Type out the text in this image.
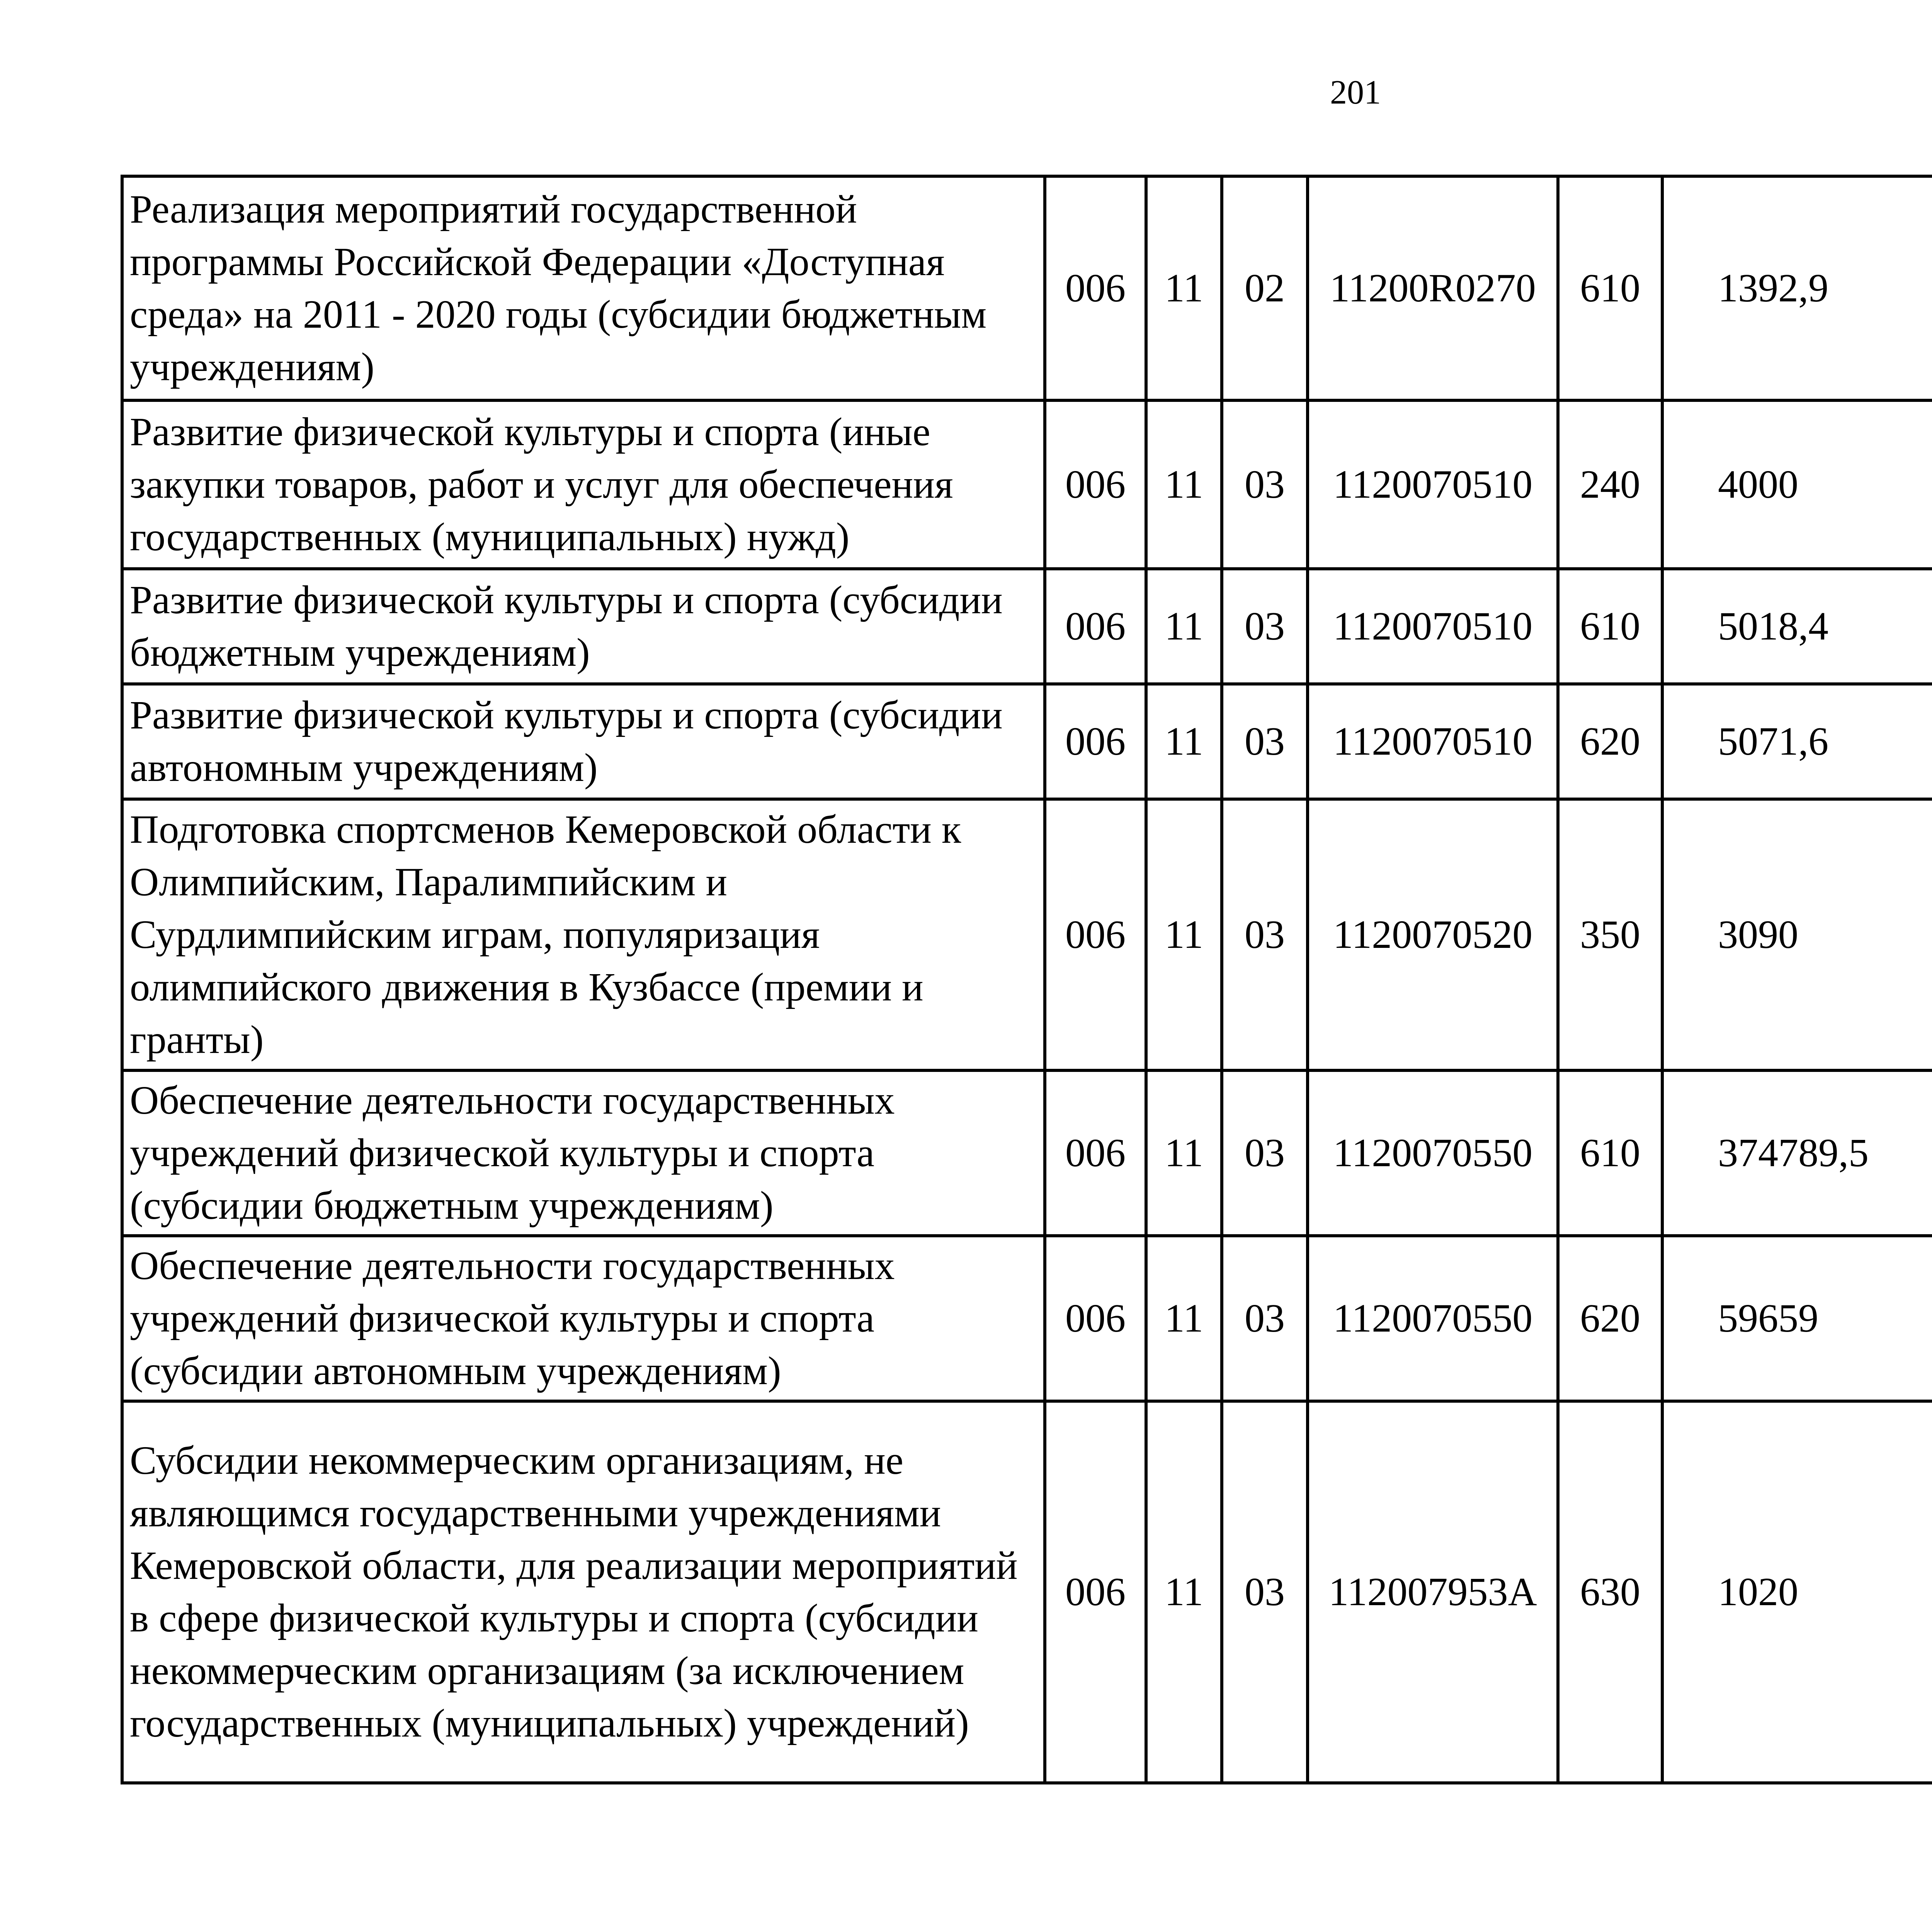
201
Реализация мероприятий государственной программы Российской Федерации «Доступная среда» на 2011 - 2020 годы (субсидии бюджетным учреждениям)	006	11	02	11200R0270	610	1392,9		
Развитие физической культуры и спорта (иные закупки товаров, работ и услуг для обеспечения государственных (муниципальных) нужд)	006	11	03	1120070510	240	4000		
Развитие физической культуры и спорта (субсидии бюджетным учреждениям)	006	11	03	1120070510	610	5018,4		
Развитие физической культуры и спорта (субсидии автономным учреждениям)	006	11	03	1120070510	620	5071,6		
Подготовка спортсменов Кемеровской области к Олимпийским, Паралимпийским и Сурдлимпийским играм, популяризация олимпийского движения в Кузбассе (премии и гранты)	006	11	03	1120070520	350	3090		
Обеспечение деятельности государственных учреждений физической культуры и спорта (субсидии бюджетным учреждениям)	006	11	03	1120070550	610	374789,5		
Обеспечение деятельности государственных учреждений физической культуры и спорта (субсидии автономным учреждениям)	006	11	03	1120070550	620	59659		
Субсидии некоммерческим организациям, не являющимся государственными учреждениями Кемеровской области, для реализации мероприятий в сфере физической культуры и спорта (субсидии некоммерческим организациям (за исключением государственных (муниципальных) учреждений)	006	11	03	112007953A	630	1020		
